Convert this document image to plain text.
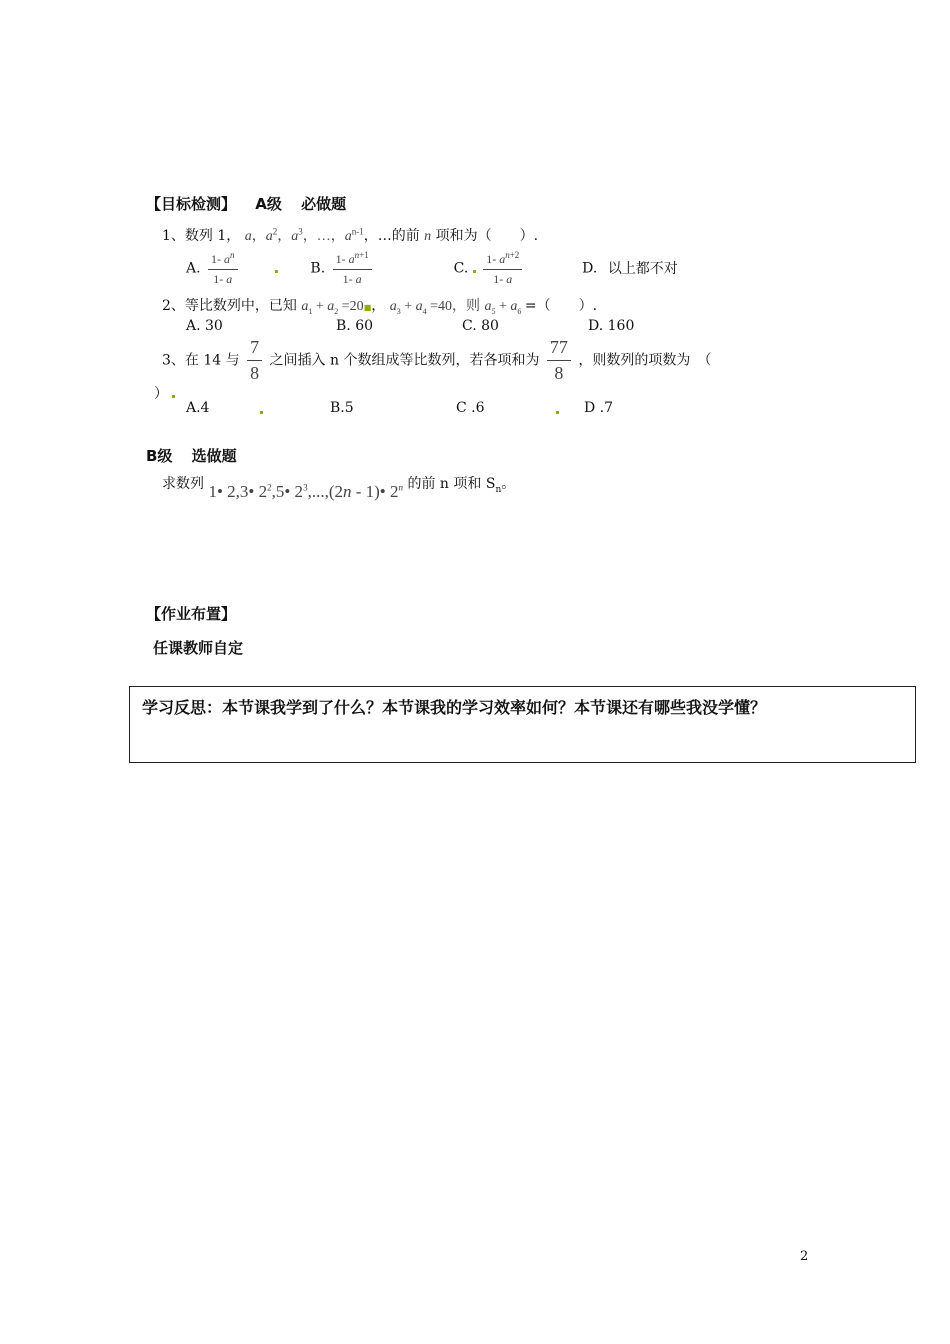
【目标检测】 A级 必做题
1、数列 1， a，$a^2$，$a^3$，…，$a^{n-1}$，…的前 n 项和为（　　）.
A. $\frac{1- a^n}{1- a}$	B. $\frac{1- a^{n+1}}{1- a}$	C. $\frac{1- a^{n+2}}{1- a}$	D. 以上都不对
2、等比数列中，已知 $a_1 + a_2$ =20■， $a_3 + a_4 =40$，则 $a_5 + a_6$ =（　　）.
A. 30	B. 60	C. 80	D. 160
3、在 14 与 $\frac{7}{8}$ 之间插入 n 个数组成等比数列，若各项和为 $\frac{77}{8}$ ，则数列的项数为　（
）
A.4	B.5	C .6	D .7
B级 选做题
求数列 1• 2,3• $2^2,5•$ $2^3,...,(2n$ - 1)• 2$^n$ 的前 n 项和 $S_n$。
【作业布置】
任课教师自定
学习反思：本节课我学到了什么？本节课我的学习效率如何？本节课还有哪些我没学懂？
2
